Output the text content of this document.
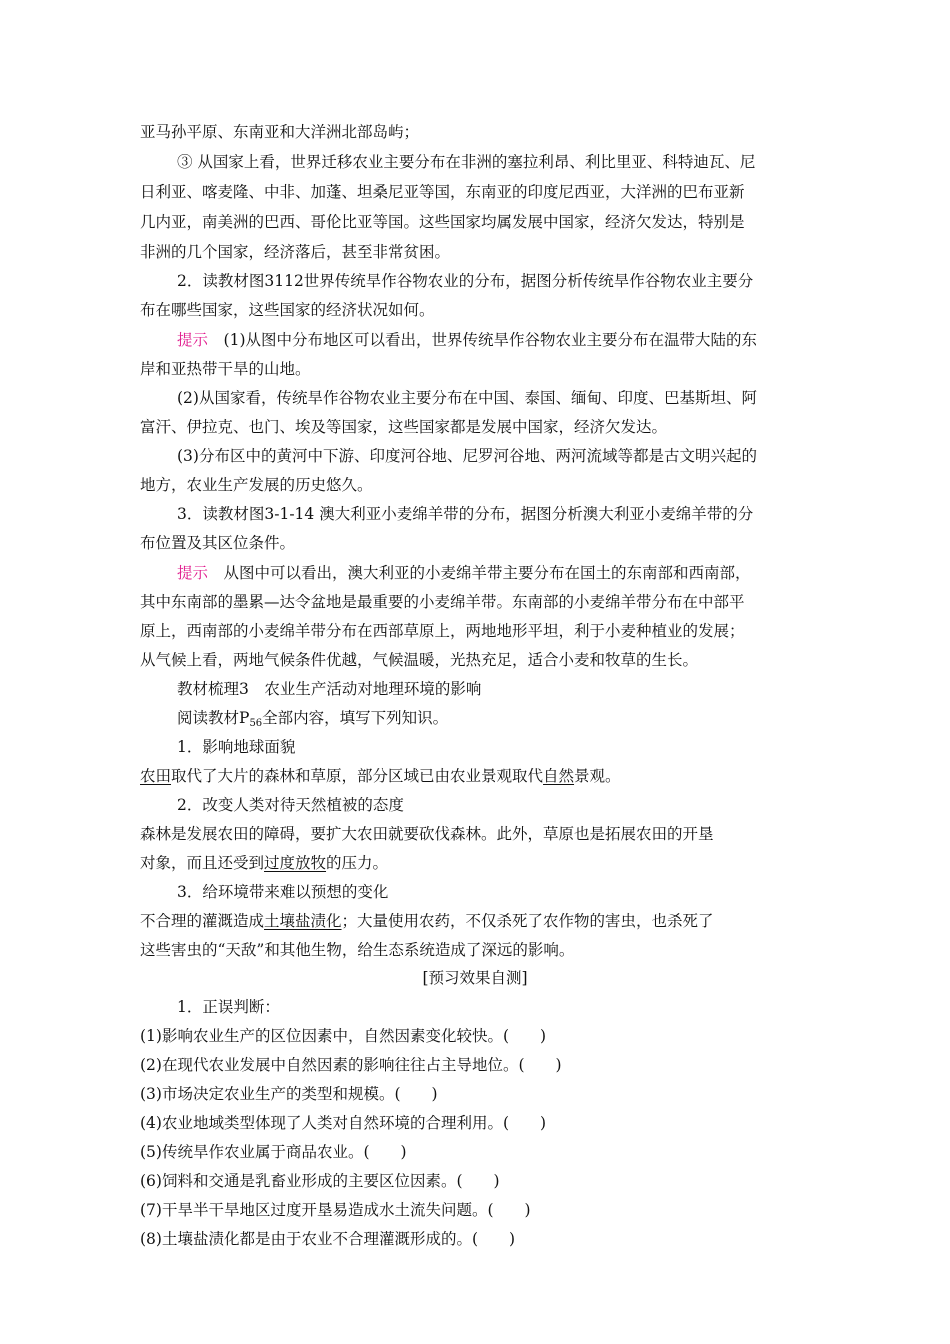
亚马孙平原、东南亚和大洋洲北部岛屿；
③ 从国家上看，世界迁移农业主要分布在非洲的塞拉利昂、利比里亚、科特迪瓦、尼
日利亚、喀麦隆、中非、加蓬、坦桑尼亚等国，东南亚的印度尼西亚，大洋洲的巴布亚新
几内亚，南美洲的巴西、哥伦比亚等国。这些国家均属发展中国家，经济欠发达，特别是
非洲的几个国家，经济落后，甚至非常贫困。
2．读教材图3112世界传统旱作谷物农业的分布，据图分析传统旱作谷物农业主要分
布在哪些国家，这些国家的经济状况如何。
提示　 (1)从图中分布地区可以看出，世界传统旱作谷物农业主要分布在温带大陆的东
岸和亚热带干旱的山地。
(2)从国家看，传统旱作谷物农业主要分布在中国、泰国、缅甸、印度、巴基斯坦、阿
富汗、伊拉克、也门、埃及等国家，这些国家都是发展中国家，经济欠发达。
(3)分布区中的黄河中下游、印度河谷地、尼罗河谷地、两河流域等都是古文明兴起的
地方，农业生产发展的历史悠久。
3．读教材图3-1-14 澳大利亚小麦绵羊带的分布，据图分析澳大利亚小麦绵羊带的分
布位置及其区位条件。
提示　 从图中可以看出，澳大利亚的小麦绵羊带主要分布在国土的东南部和西南部，
其中东南部的墨累—达令盆地是最重要的小麦绵羊带。东南部的小麦绵羊带分布在中部平
原上，西南部的小麦绵羊带分布在西部草原上，两地地形平坦，利于小麦种植业的发展；
从气候上看，两地气候条件优越，气候温暖，光热充足，适合小麦和牧草的生长。
教材梳理3　农业生产活动对地理环境的影响
阅读教材$P_{56}$全部内容，填写下列知识。
1．影响地球面貌
农田取代了大片的森林和草原，部分区域已由农业景观取代自然景观。
2．改变人类对待天然植被的态度
森林是发展农田的障碍，要扩大农田就要砍伐森林。此外，草原也是拓展农田的开垦
对象，而且还受到过度放牧的压力。
3．给环境带来难以预想的变化
不合理的灌溉造成土壤盐渍化；大量使用农药，不仅杀死了农作物的害虫，也杀死了
这些害虫的“天敌”和其他生物，给生态系统造成了深远的影响。
[预习效果自测]
1．正误判断：
(1)影响农业生产的区位因素中，自然因素变化较快。(　　)
(2)在现代农业发展中自然因素的影响往往占主导地位。(　　)
(3)市场决定农业生产的类型和规模。(　　)
(4)农业地域类型体现了人类对自然环境的合理利用。(　　)
(5)传统旱作农业属于商品农业。(　　)
(6)饲料和交通是乳畜业形成的主要区位因素。(　　)
(7)干旱半干旱地区过度开垦易造成水土流失问题。(　　)
(8)土壤盐渍化都是由于农业不合理灌溉形成的。(　　)
